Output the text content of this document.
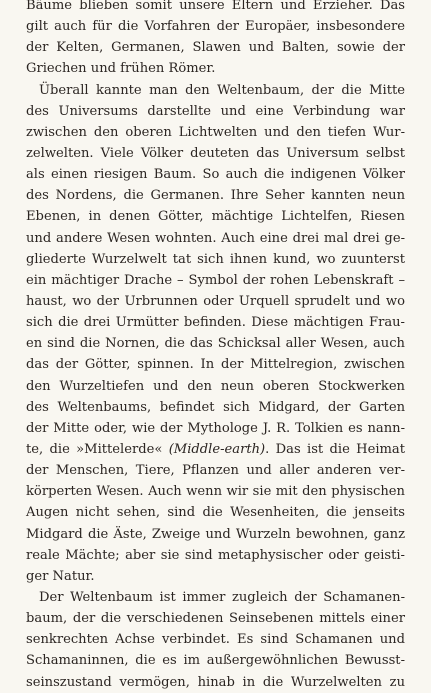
Bäume blieben somit unsere Eltern und Erzieher. Das
gilt auch für die Vorfahren der Europäer, insbesondere
der Kelten, Germanen, Slawen und Balten, sowie der
Griechen und frühen Römer.
Überall kannte man den Weltenbaum, der die Mitte
des Universums darstellte und eine Verbindung war
zwischen den oberen Lichtwelten und den tiefen Wur-
zelwelten. Viele Völker deuteten das Universum selbst
als einen riesigen Baum. So auch die indigenen Völker
des Nordens, die Germanen. Ihre Seher kannten neun
Ebenen, in denen Götter, mächtige Lichtelfen, Riesen
und andere Wesen wohnten. Auch eine drei mal drei ge-
gliederte Wurzelwelt tat sich ihnen kund, wo zuunterst
ein mächtiger Drache – Symbol der rohen Lebenskraft –
haust, wo der Urbrunnen oder Urquell sprudelt und wo
sich die drei Urmütter befinden. Diese mächtigen Frau-
en sind die Nornen, die das Schicksal aller Wesen, auch
das der Götter, spinnen. In der Mittelregion, zwischen
den Wurzeltiefen und den neun oberen Stockwerken
des Weltenbaums, befindet sich Midgard, der Garten
der Mitte oder, wie der Mythologe J. R. Tolkien es nann-
te, die »Mittelerde« (Middle-earth). Das ist die Heimat
der Menschen, Tiere, Pflanzen und aller anderen ver-
körperten Wesen. Auch wenn wir sie mit den physischen
Augen nicht sehen, sind die Wesenheiten, die jenseits
Midgard die Äste, Zweige und Wurzeln bewohnen, ganz
reale Mächte; aber sie sind metaphysischer oder geisti-
ger Natur.
Der Weltenbaum ist immer zugleich der Schamanen-
baum, der die verschiedenen Seinsebenen mittels einer
senkrechten Achse verbindet. Es sind Schamanen und
Schamaninnen, die es im außergewöhnlichen Bewusst-
seinszustand vermögen, hinab in die Wurzelwelten zu
